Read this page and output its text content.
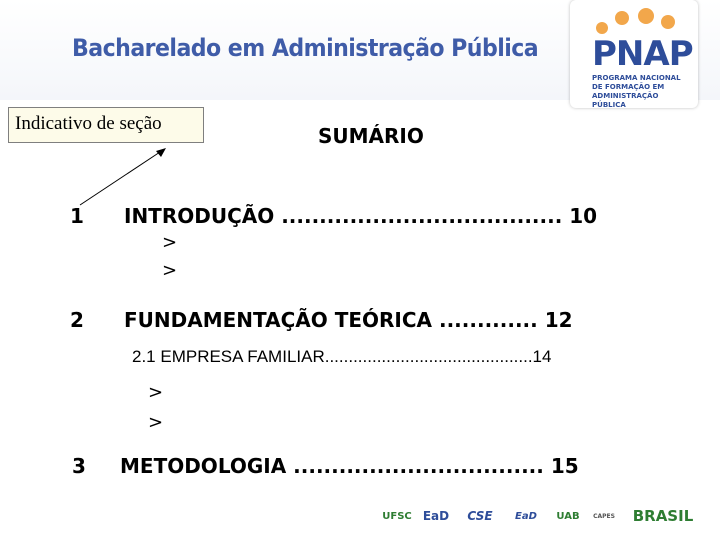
Bacharelado em Administração Pública PNAP
PROGRAMA NACIONAL DE FORMAÇÃO EM ADMINISTRAÇÃO PÚBLICA
Indicativo de seção
SUMÁRIO
1 INTRODUÇÃO ..................................... 10
>
>
2 FUNDAMENTAÇÃO TEÓRICA ............. 12
2.1 EMPRESA FAMILIAR............................................14
>
>
3 METODOLOGIA ................................. 15
UFSC EaD	CSE	EaD	UAB	CAPES	BRASIL
